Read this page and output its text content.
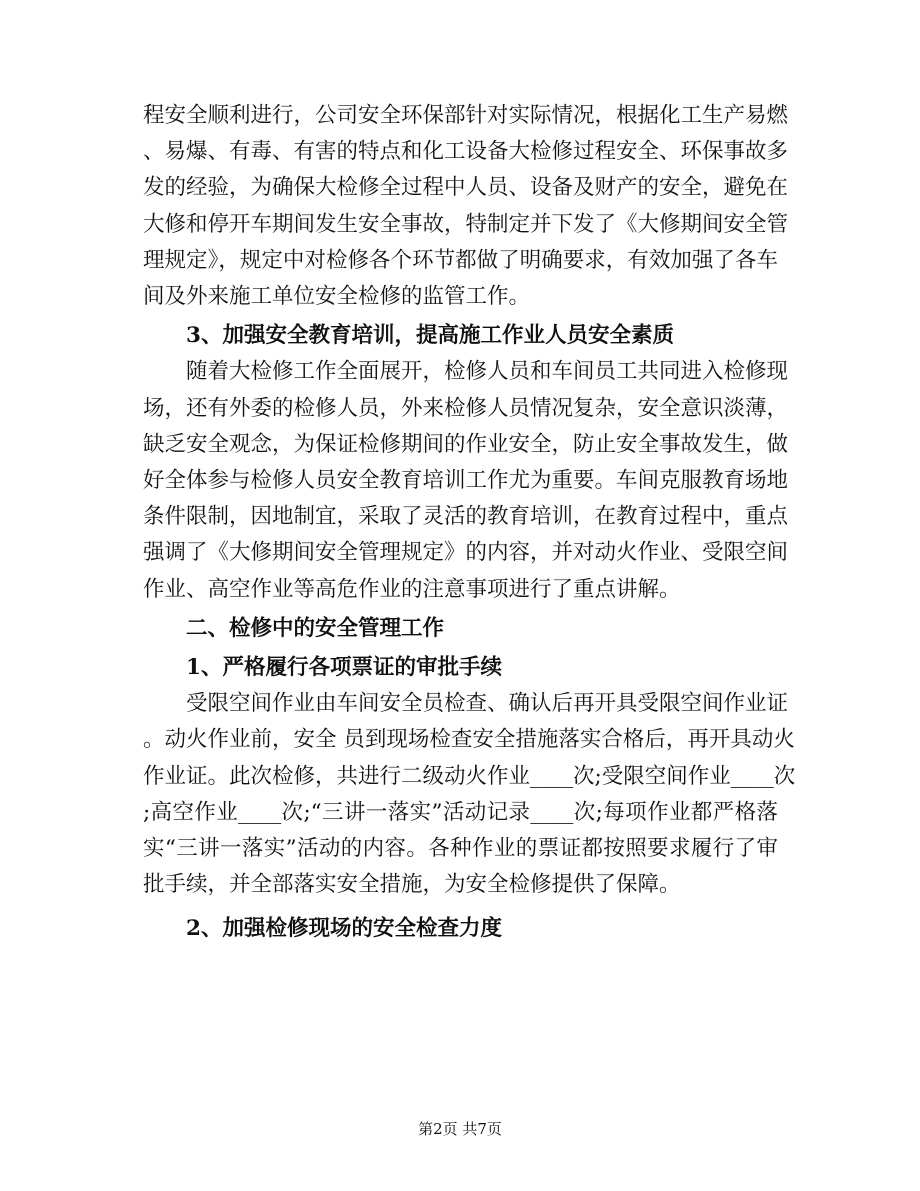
程安全顺利进行，公司安全环保部针对实际情况，根据化工生产易燃
、易爆、有毒、有害的特点和化工设备大检修过程安全、环保事故多
发的经验，为确保大检修全过程中人员、设备及财产的安全，避免在
大修和停开车期间发生安全事故，特制定并下发了《大修期间安全管
理规定》，规定中对检修各个环节都做了明确要求，有效加强了各车
间及外来施工单位安全检修的监管工作。
3、加强安全教育培训，提高施工作业人员安全素质
随着大检修工作全面展开，检修人员和车间员工共同进入检修现
场，还有外委的检修人员，外来检修人员情况复杂，安全意识淡薄，
缺乏安全观念，为保证检修期间的作业安全，防止安全事故发生，做
好全体参与检修人员安全教育培训工作尤为重要。车间克服教育场地
条件限制，因地制宜，采取了灵活的教育培训，在教育过程中，重点
强调了《大修期间安全管理规定》的内容，并对动火作业、受限空间
作业、高空作业等高危作业的注意事项进行了重点讲解。
二、检修中的安全管理工作
1、严格履行各项票证的审批手续
受限空间作业由车间安全员检查、确认后再开具受限空间作业证
。动火作业前，安全 员到现场检查安全措施落实合格后，再开具动火
作业证。此次检修，共进行二级动火作业____次;受限空间作业____次
;高空作业____次;“三讲一落实”活动记录____次;每项作业都严格落
实“三讲一落实”活动的内容。各种作业的票证都按照要求履行了审
批手续，并全部落实安全措施，为安全检修提供了保障。
2、加强检修现场的安全检查力度
第2页 共7页
